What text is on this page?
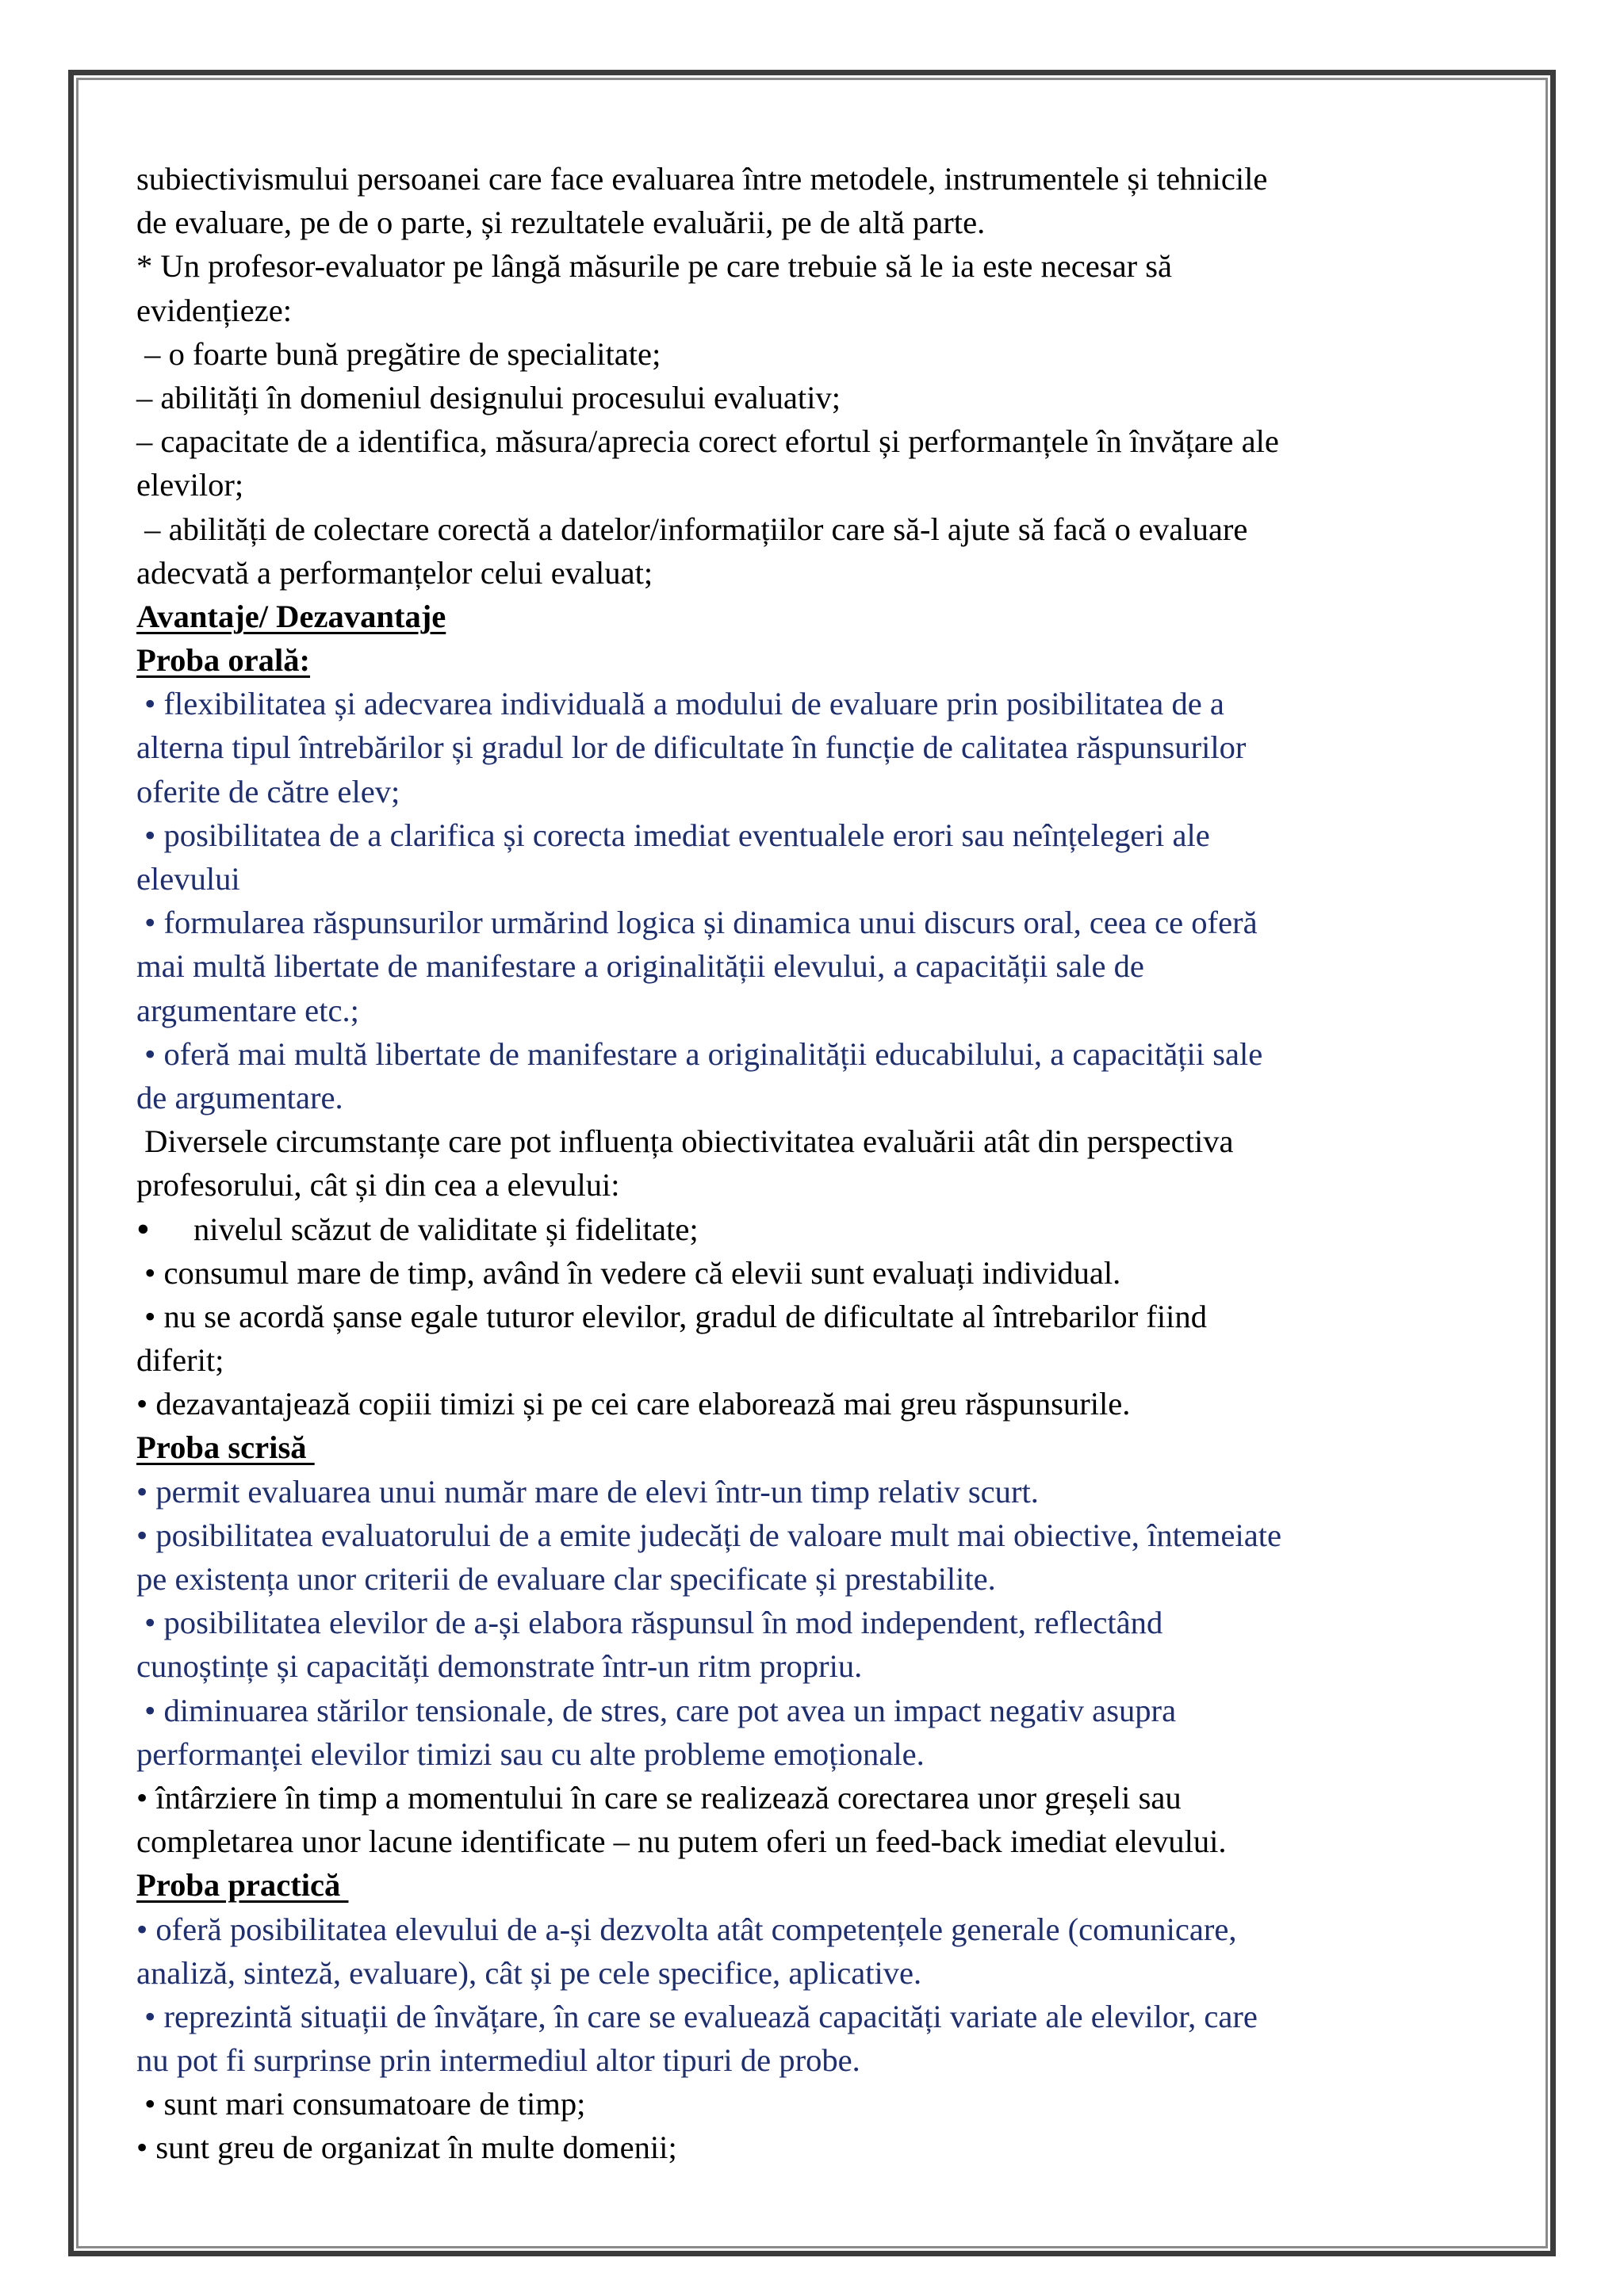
subiectivismului persoanei care face evaluarea între metodele, instrumentele și tehnicile
de evaluare, pe de o parte, și rezultatele evaluării, pe de altă parte.
* Un profesor-evaluator pe lângă măsurile pe care trebuie să le ia este necesar să
evidențieze:
– o foarte bună pregătire de specialitate;
– abilități în domeniul designului procesului evaluativ;
– capacitate de a identifica, măsura/aprecia corect efortul și performanțele în învățare ale
elevilor;
– abilități de colectare corectă a datelor/informațiilor care să-l ajute să facă o evaluare
adecvată a performanțelor celui evaluat;
Avantaje/ Dezavantaje
Proba orală:
• flexibilitatea și adecvarea individuală a modului de evaluare prin posibilitatea de a
alterna tipul întrebărilor și gradul lor de dificultate în funcție de calitatea răspunsurilor
oferite de către elev;
• posibilitatea de a clarifica și corecta imediat eventualele erori sau neînțelegeri ale
elevului
• formularea răspunsurilor urmărind logica și dinamica unui discurs oral, ceea ce oferă
mai multă libertate de manifestare a originalității elevului, a capacității sale de
argumentare etc.;
• oferă mai multă libertate de manifestare a originalității educabilului, a capacității sale
de argumentare.
Diversele circumstanțe care pot influența obiectivitatea evaluării atât din perspectiva
profesorului, cât și din cea a elevului:
• nivelul scăzut de validitate și fidelitate;
• consumul mare de timp, având în vedere că elevii sunt evaluați individual.
• nu se acordă șanse egale tuturor elevilor, gradul de dificultate al întrebarilor fiind
diferit;
• dezavantajează copiii timizi și pe cei care elaborează mai greu răspunsurile.
Proba scrisă
• permit evaluarea unui număr mare de elevi într-un timp relativ scurt.
• posibilitatea evaluatorului de a emite judecăți de valoare mult mai obiective, întemeiate
pe existența unor criterii de evaluare clar specificate și prestabilite.
• posibilitatea elevilor de a-și elabora răspunsul în mod independent, reflectând
cunoștințe și capacități demonstrate într-un ritm propriu.
• diminuarea stărilor tensionale, de stres, care pot avea un impact negativ asupra
performanței elevilor timizi sau cu alte probleme emoționale.
• întârziere în timp a momentului în care se realizează corectarea unor greșeli sau
completarea unor lacune identificate – nu putem oferi un feed-back imediat elevului.
Proba practică
• oferă posibilitatea elevului de a-și dezvolta atât competențele generale (comunicare,
analiză, sinteză, evaluare), cât și pe cele specifice, aplicative.
• reprezintă situații de învățare, în care se evaluează capacități variate ale elevilor, care
nu pot fi surprinse prin intermediul altor tipuri de probe.
• sunt mari consumatoare de timp;
• sunt greu de organizat în multe domenii;
